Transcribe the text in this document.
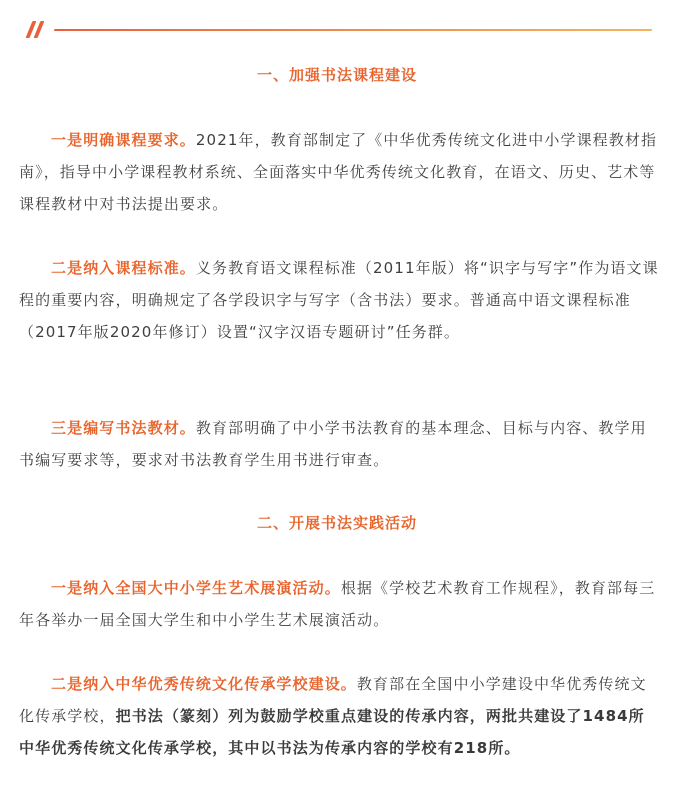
一、加强书法课程建设

一是明确课程要求。2021年，教育部制定了《中华优秀传统文化进中小学课程教材指南》，指导中小学课程教材系统、全面落实中华优秀传统文化教育，在语文、历史、艺术等课程教材中对书法提出要求。

二是纳入课程标准。义务教育语文课程标准（2011年版）将“识字与写字”作为语文课程的重要内容，明确规定了各学段识字与写字（含书法）要求。普通高中语文课程标准（2017年版2020年修订）设置“汉字汉语专题研讨”任务群。

三是编写书法教材。教育部明确了中小学书法教育的基本理念、目标与内容、教学用书编写要求等，要求对书法教育学生用书进行审查。

二、开展书法实践活动

一是纳入全国大中小学生艺术展演活动。根据《学校艺术教育工作规程》，教育部每三年各举办一届全国大学生和中小学生艺术展演活动。

二是纳入中华优秀传统文化传承学校建设。教育部在全国中小学建设中华优秀传统文化传承学校，把书法（篆刻）列为鼓励学校重点建设的传承内容，两批共建设了1484所中华优秀传统文化传承学校，其中以书法为传承内容的学校有218所。
